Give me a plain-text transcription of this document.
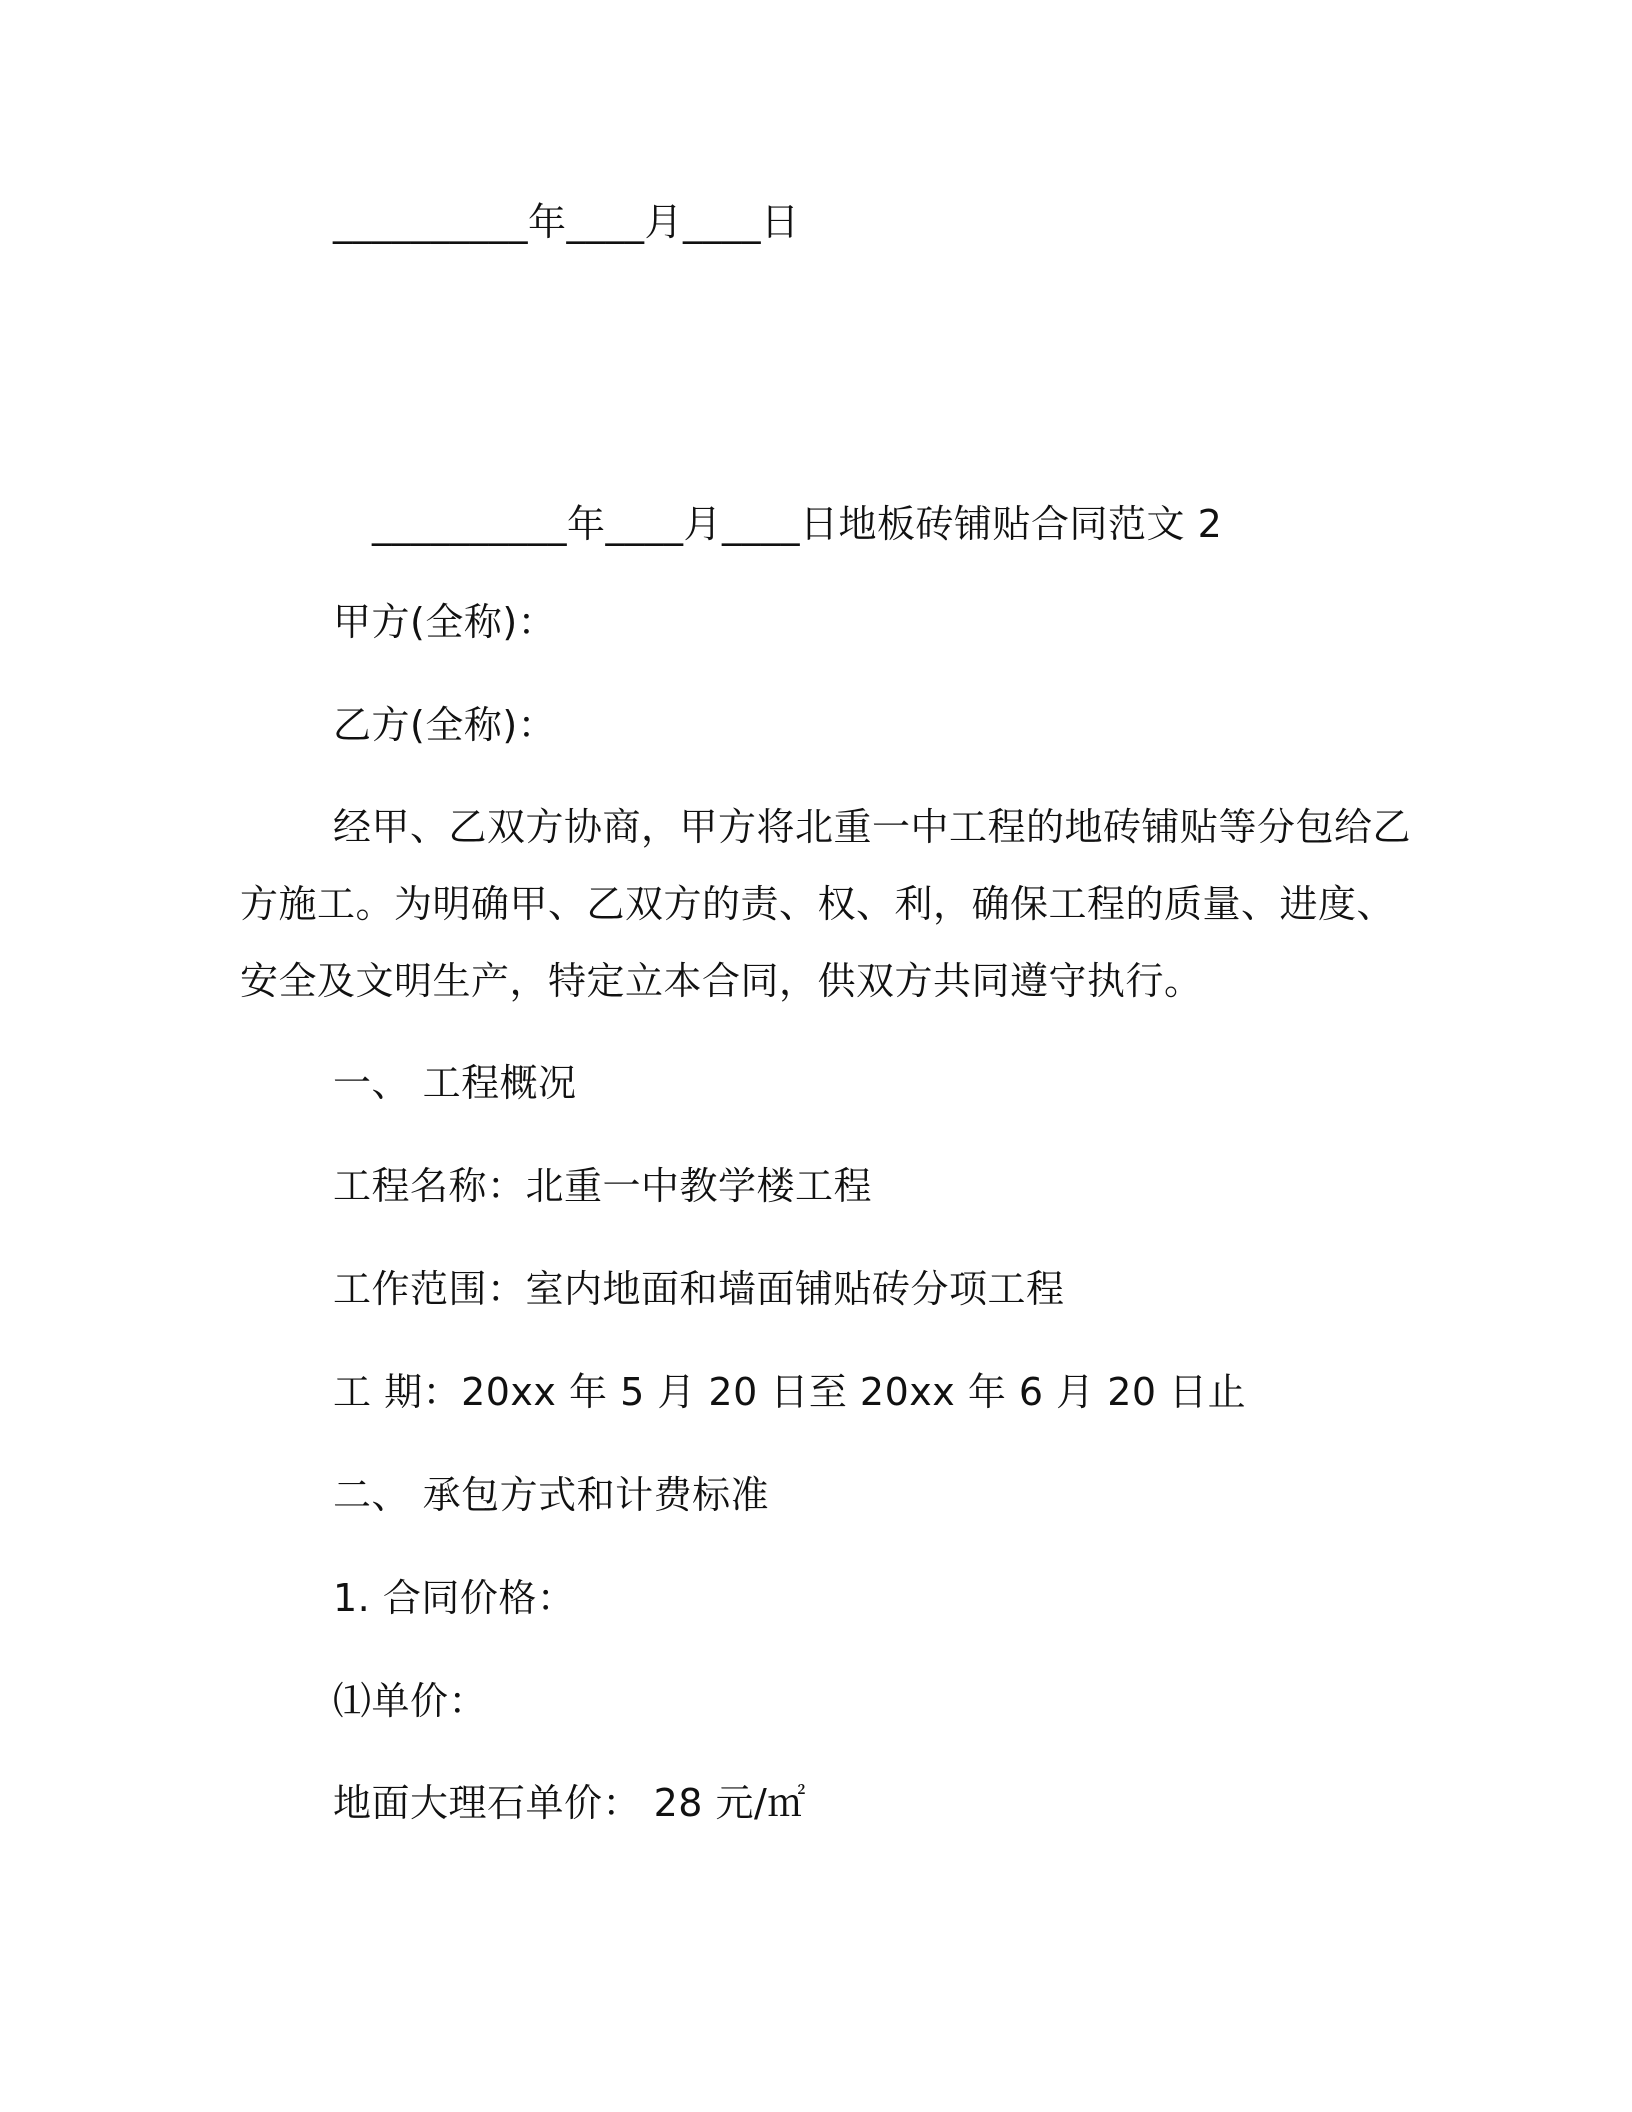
__________年____月____日
__________年____月____日地板砖铺贴合同范文 2
甲方(全称)：
乙方(全称)：
经甲、乙双方协商，甲方将北重一中工程的地砖铺贴等分包给乙
方施工。为明确甲、乙双方的责、权、利，确保工程的质量、进度、
安全及文明生产，特定立本合同，供双方共同遵守执行。
一、 工程概况
工程名称：北重一中教学楼工程
工作范围：室内地面和墙面铺贴砖分项工程
工 期：20xx 年 5 月 20 日至 20xx 年 6 月 20 日止
二、 承包方式和计费标准
1. 合同价格：
⑴单价：
地面大理石单价： 28 元/㎡
